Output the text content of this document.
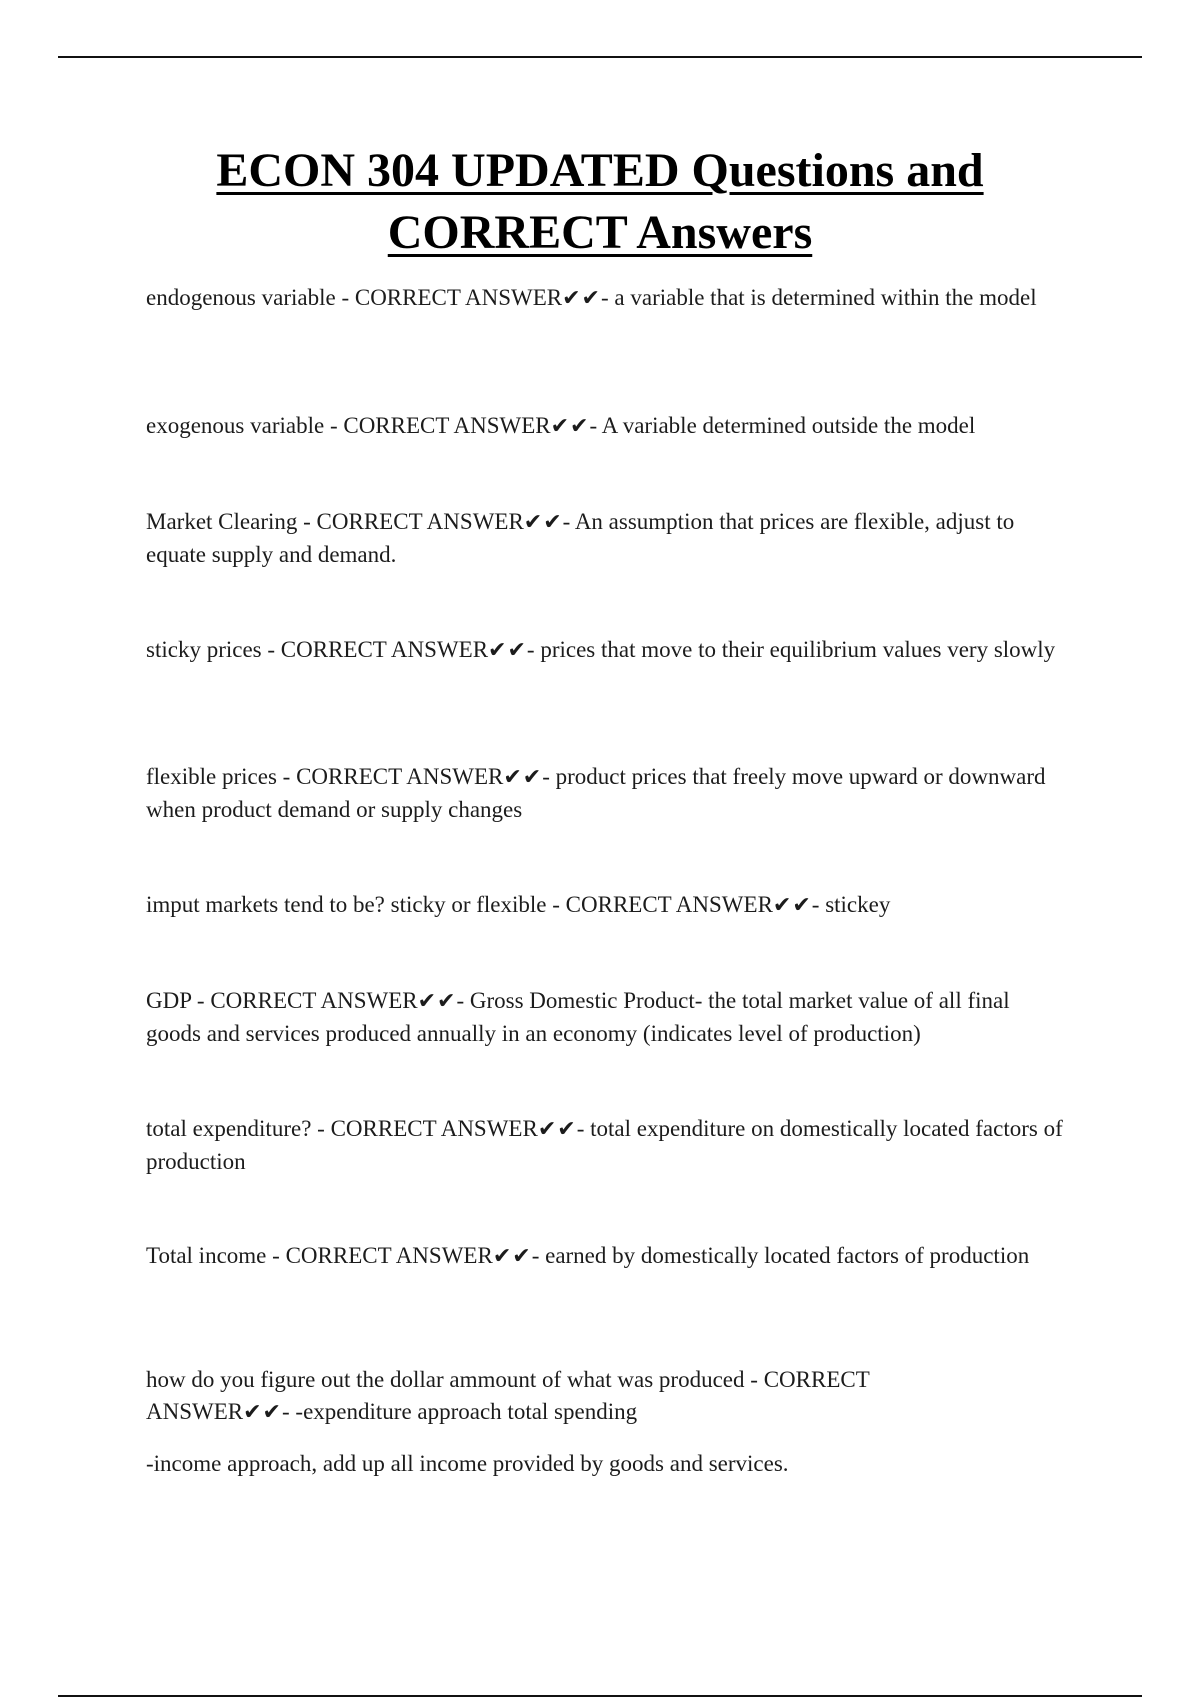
ECON 304 UPDATED Questions and
CORRECT Answers

endogenous variable - CORRECT ANSWER✔✔- a variable that is determined within the model

exogenous variable - CORRECT ANSWER✔✔- A variable determined outside the model

Market Clearing - CORRECT ANSWER✔✔- An assumption that prices are flexible, adjust to equate supply and demand.

sticky prices - CORRECT ANSWER✔✔- prices that move to their equilibrium values very slowly

flexible prices - CORRECT ANSWER✔✔- product prices that freely move upward or downward when product demand or supply changes

imput markets tend to be? sticky or flexible - CORRECT ANSWER✔✔- stickey

GDP - CORRECT ANSWER✔✔- Gross Domestic Product- the total market value of all final goods and services produced annually in an economy (indicates level of production)

total expenditure? - CORRECT ANSWER✔✔- total expenditure on domestically located factors of production

Total income - CORRECT ANSWER✔✔- earned by domestically located factors of production

how do you figure out the dollar ammount of what was produced - CORRECT ANSWER✔✔- -expenditure approach total spending

-income approach, add up all income provided by goods and services.
